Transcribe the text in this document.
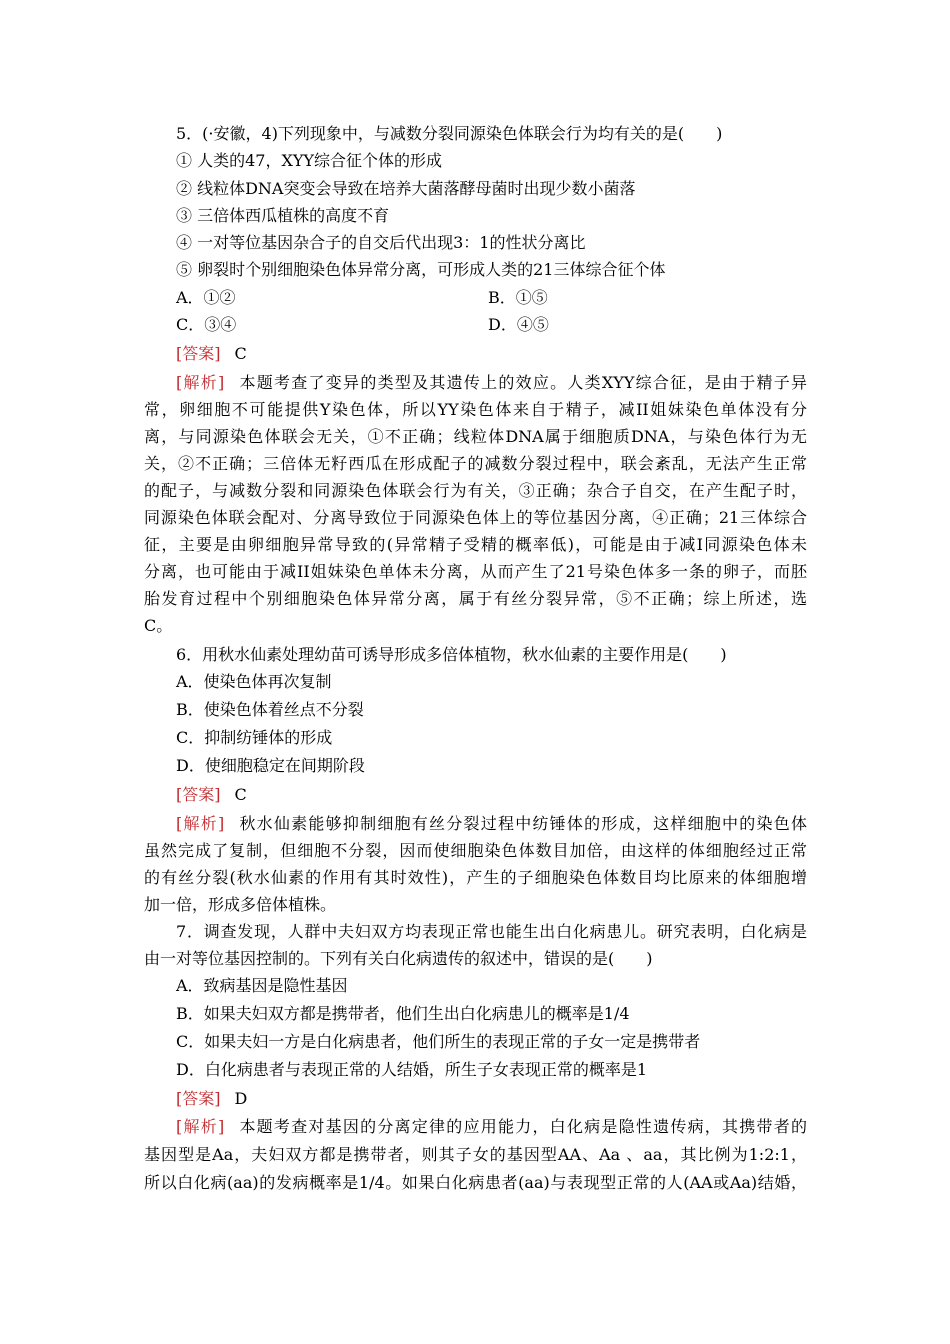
5．(·安徽，4)下列现象中，与减数分裂同源染色体联会行为均有关的是(　　)
① 人类的47，XYY综合征个体的形成
② 线粒体DNA突变会导致在培养大菌落酵母菌时出现少数小菌落
③ 三倍体西瓜植株的高度不育
④ 一对等位基因杂合子的自交后代出现3：1的性状分离比
⑤ 卵裂时个别细胞染色体异常分离，可形成人类的21三体综合征个体
A．①②	B．①⑤
C．③④	D．④⑤
[答案] C
[解析] 本题考查了变异的类型及其遗传上的效应。人类XYY综合征，是由于精子异
常，卵细胞不可能提供Y染色体，所以YY染色体来自于精子，减II姐妹染色单体没有分
离，与同源染色体联会无关，①不正确；线粒体DNA属于细胞质DNA，与染色体行为无
关，②不正确；三倍体无籽西瓜在形成配子的减数分裂过程中，联会紊乱，无法产生正常
的配子，与减数分裂和同源染色体联会行为有关，③正确；杂合子自交，在产生配子时，
同源染色体联会配对、分离导致位于同源染色体上的等位基因分离，④正确；21三体综合
征，主要是由卵细胞异常导致的(异常精子受精的概率低)，可能是由于减Ⅰ同源染色体未
分离，也可能由于减II姐妹染色单体未分离，从而产生了21号染色体多一条的卵子，而胚
胎发育过程中个别细胞染色体异常分离，属于有丝分裂异常，⑤不正确；综上所述，选
C。
6．用秋水仙素处理幼苗可诱导形成多倍体植物，秋水仙素的主要作用是(　　)
A．使染色体再次复制
B．使染色体着丝点不分裂
C．抑制纺锤体的形成
D．使细胞稳定在间期阶段
[答案] C
[解析] 秋水仙素能够抑制细胞有丝分裂过程中纺锤体的形成，这样细胞中的染色体
虽然完成了复制，但细胞不分裂，因而使细胞染色体数目加倍，由这样的体细胞经过正常
的有丝分裂(秋水仙素的作用有其时效性)，产生的子细胞染色体数目均比原来的体细胞增
加一倍，形成多倍体植株。
7．调查发现，人群中夫妇双方均表现正常也能生出白化病患儿。研究表明，白化病是
由一对等位基因控制的。下列有关白化病遗传的叙述中，错误的是(　　)
A．致病基因是隐性基因
B．如果夫妇双方都是携带者，他们生出白化病患儿的概率是1/4
C．如果夫妇一方是白化病患者，他们所生的表现正常的子女一定是携带者
D．白化病患者与表现正常的人结婚，所生子女表现正常的概率是1
[答案] D
[解析] 本题考查对基因的分离定律的应用能力，白化病是隐性遗传病，其携带者的
基因型是Aa，夫妇双方都是携带者，则其子女的基因型AA、Aa 、aa，其比例为1:2:1，
所以白化病(aa)的发病概率是1/4。如果白化病患者(aa)与表现型正常的人(AA或Aa)结婚，
